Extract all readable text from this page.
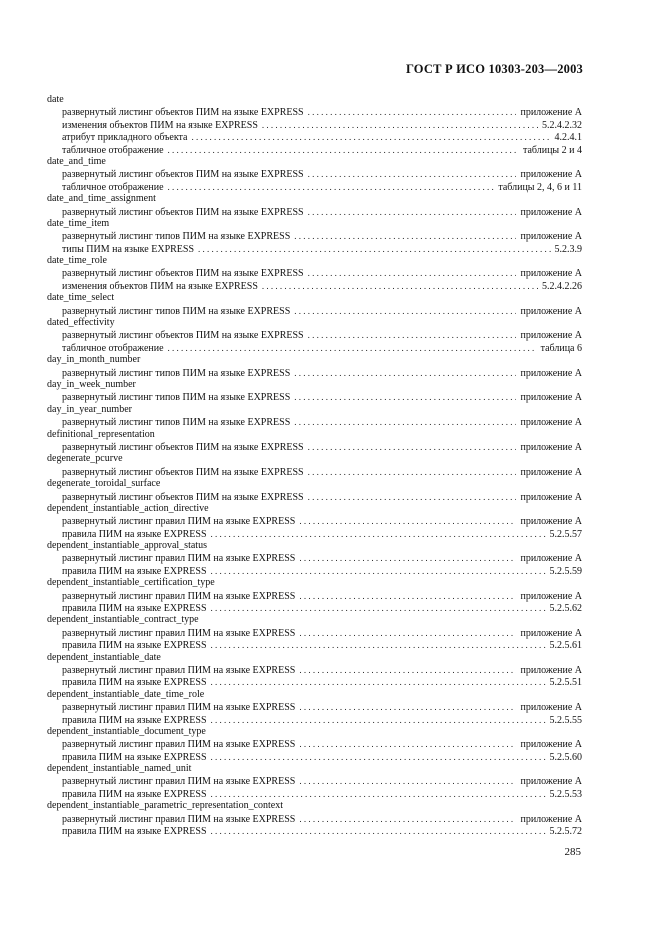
ГОСТ Р ИСО 10303-203—2003
date
развернутый листинг объектов ПИМ на языке EXPRESS . . .	приложение А
изменения объектов ПИМ на языке EXPRESS . . .	5.2.4.2.32
атрибут прикладного объекта . . .	4.2.4.1
табличное отображение . . .	таблицы 2 и 4
date_and_time
развернутый листинг объектов ПИМ на языке EXPRESS . . .	приложение А
табличное отображение . . .	таблицы 2, 4, 6 и 11
date_and_time_assignment
развернутый листинг объектов ПИМ на языке EXPRESS . . .	приложение А
date_time_item
развернутый листинг типов ПИМ на языке EXPRESS . . .	приложение А
типы ПИМ на языке EXPRESS . . .	5.2.3.9
date_time_role
развернутый листинг объектов ПИМ на языке EXPRESS . . .	приложение А
изменения объектов ПИМ на языке EXPRESS . . .	5.2.4.2.26
date_time_select
развернутый листинг типов ПИМ на языке EXPRESS . . .	приложение А
dated_effectivity
развернутый листинг объектов ПИМ на языке EXPRESS . . .	приложение А
табличное отображение . . .	таблица 6
day_in_month_number
развернутый листинг типов ПИМ на языке EXPRESS . . .	приложение А
day_in_week_number
развернутый листинг типов ПИМ на языке EXPRESS . . .	приложение А
day_in_year_number
развернутый листинг типов ПИМ на языке EXPRESS . . .	приложение А
definitional_representation
развернутый листинг объектов ПИМ на языке EXPRESS . . .	приложение А
degenerate_pcurve
развернутый листинг объектов ПИМ на языке EXPRESS . . .	приложение А
degenerate_toroidal_surface
развернутый листинг объектов ПИМ на языке EXPRESS . . .	приложение А
dependent_instantiable_action_directive
развернутый листинг правил ПИМ на языке EXPRESS . . .	приложение А
правила ПИМ на языке EXPRESS . . .	5.2.5.57
dependent_instantiable_approval_status
развернутый листинг правил ПИМ на языке EXPRESS . . .	приложение А
правила ПИМ на языке EXPRESS . . .	5.2.5.59
dependent_instantiable_certification_type
развернутый листинг правил ПИМ на языке EXPRESS . . .	приложение А
правила ПИМ на языке EXPRESS . . .	5.2.5.62
dependent_instantiable_contract_type
развернутый листинг правил ПИМ на языке EXPRESS . . .	приложение А
правила ПИМ на языке EXPRESS . . .	5.2.5.61
dependent_instantiable_date
развернутый листинг правил ПИМ на языке EXPRESS . . .	приложение А
правила ПИМ на языке EXPRESS . . .	5.2.5.51
dependent_instantiable_date_time_role
развернутый листинг правил ПИМ на языке EXPRESS . . .	приложение А
правила ПИМ на языке EXPRESS . . .	5.2.5.55
dependent_instantiable_document_type
развернутый листинг правил ПИМ на языке EXPRESS . . .	приложение А
правила ПИМ на языке EXPRESS . . .	5.2.5.60
dependent_instantiable_named_unit
развернутый листинг правил ПИМ на языке EXPRESS . . .	приложение А
правила ПИМ на языке EXPRESS . . .	5.2.5.53
dependent_instantiable_parametric_representation_context
развернутый листинг правил ПИМ на языке EXPRESS . . .	приложение А
правила ПИМ на языке EXPRESS . . .	5.2.5.72
285
